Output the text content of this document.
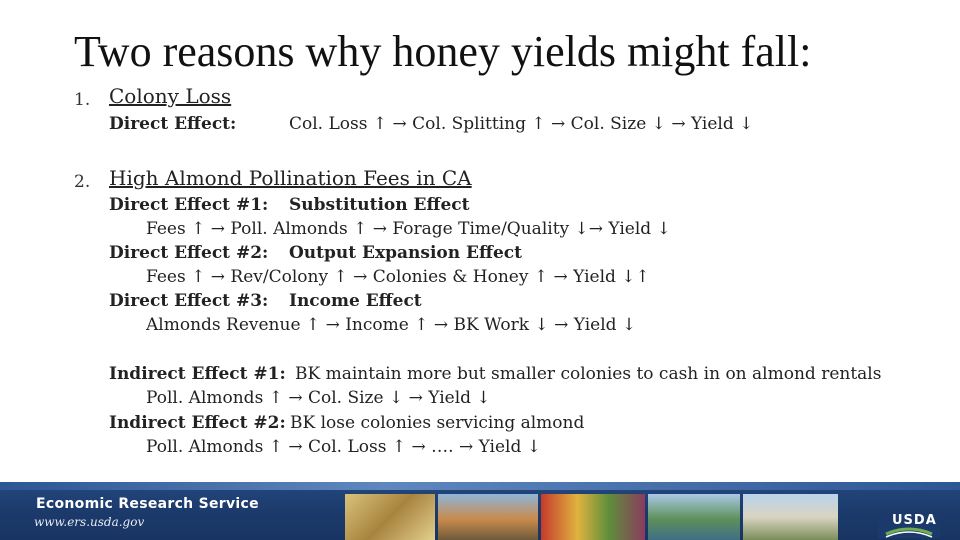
Two reasons why honey yields might fall:
1. Colony Loss
Direct Effect:	Col. Loss ↑ → Col. Splitting ↑ → Col. Size ↓ → Yield ↓
2. High Almond Pollination Fees in CA
Direct Effect #1: Substitution Effect
Fees ↑ → Poll. Almonds ↑ → Forage Time/Quality ↓→ Yield ↓
Direct Effect #2: Output Expansion Effect
Fees ↑ → Rev/Colony ↑ → Colonies & Honey ↑ → Yield ↓↑
Direct Effect #3: Income Effect
Almonds Revenue ↑ → Income ↑ → BK Work ↓ → Yield ↓
Indirect Effect #1: BK maintain more but smaller colonies to cash in on almond rentals
Poll. Almonds ↑ → Col. Size ↓ → Yield ↓
Indirect Effect #2: BK lose colonies servicing almond
Poll. Almonds ↑ → Col. Loss ↑ → …. → Yield ↓
Economic Research Service
www.ers.usda.gov	USDA
